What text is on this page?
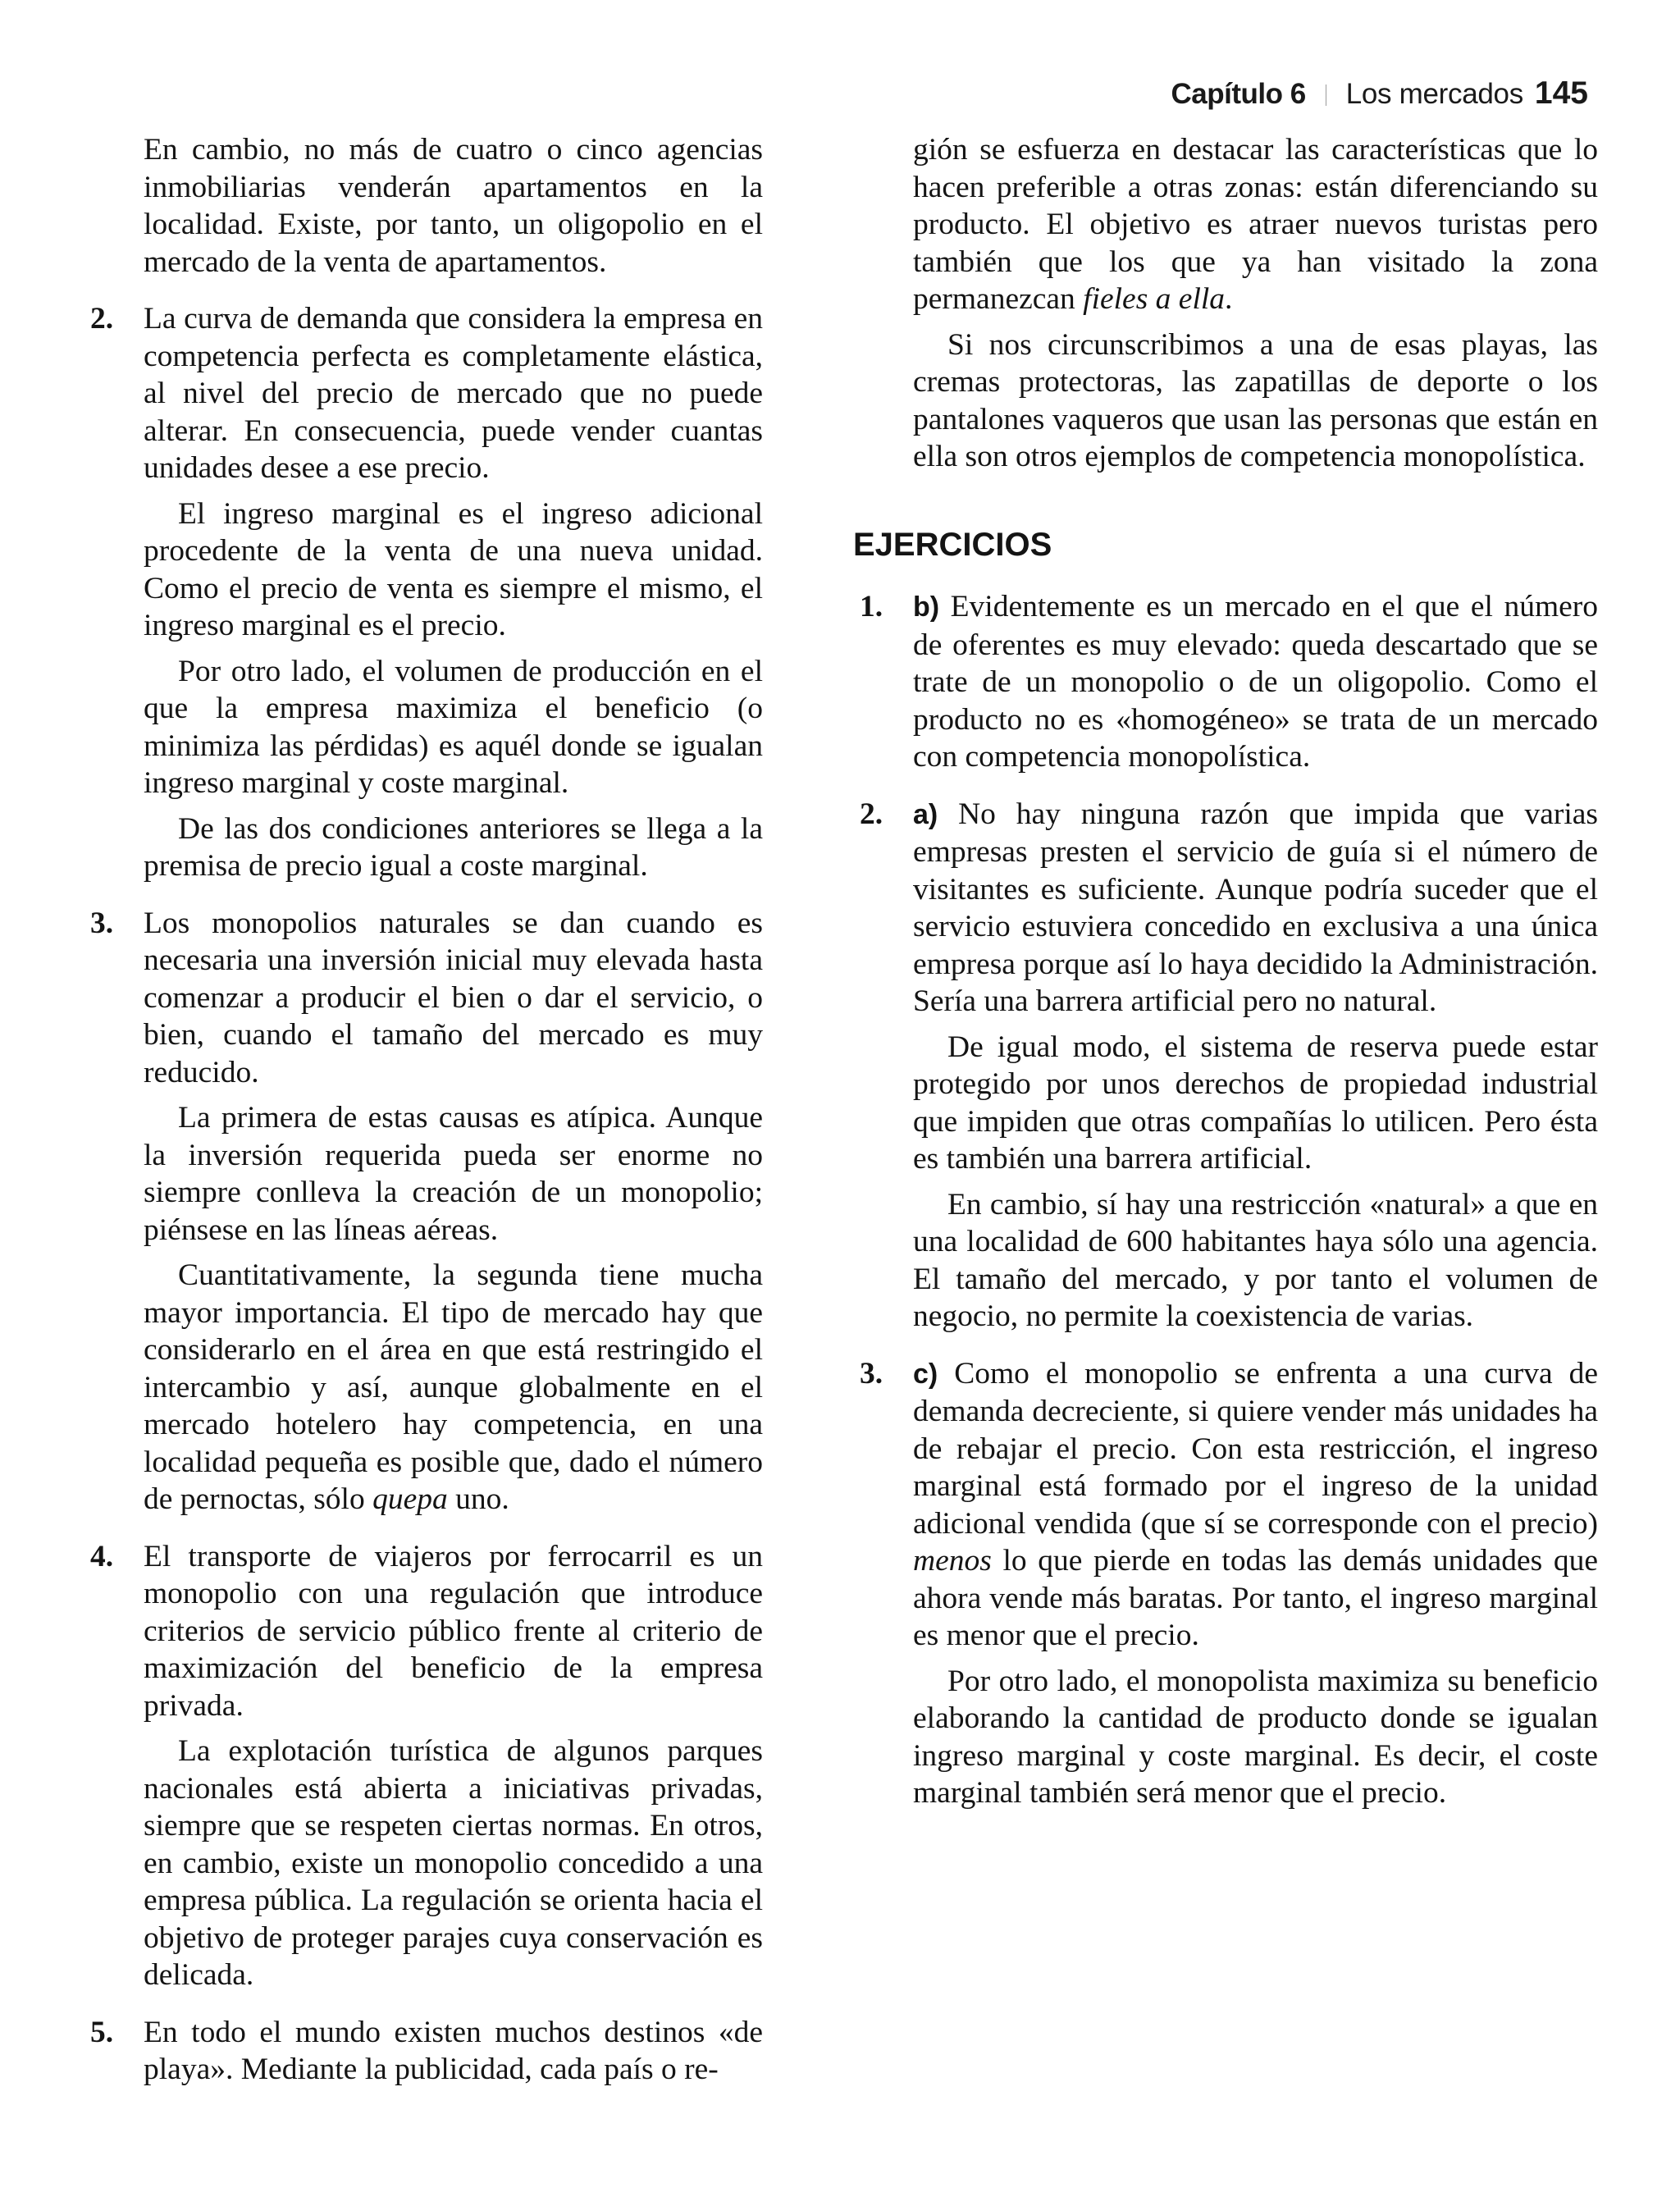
Capítulo 6 Los mercados 145

En cambio, no más de cuatro o cinco agencias inmobiliarias venderán apartamentos en la localidad. Existe, por tanto, un oligopolio en el mercado de la venta de apartamentos.

2. La curva de demanda que considera la empresa en competencia perfecta es completamente elástica, al nivel del precio de mercado que no puede alterar. En consecuencia, puede vender cuantas unidades desee a ese precio.

El ingreso marginal es el ingreso adicional procedente de la venta de una nueva unidad. Como el precio de venta es siempre el mismo, el ingreso marginal es el precio.

Por otro lado, el volumen de producción en el que la empresa maximiza el beneficio (o minimiza las pérdidas) es aquél donde se igualan ingreso marginal y coste marginal.

De las dos condiciones anteriores se llega a la premisa de precio igual a coste marginal.

3. Los monopolios naturales se dan cuando es necesaria una inversión inicial muy elevada hasta comenzar a producir el bien o dar el servicio, o bien, cuando el tamaño del mercado es muy reducido.

La primera de estas causas es atípica. Aunque la inversión requerida pueda ser enorme no siempre conlleva la creación de un monopolio; piénsese en las líneas aéreas.

Cuantitativamente, la segunda tiene mucha mayor importancia. El tipo de mercado hay que considerarlo en el área en que está restringido el intercambio y así, aunque globalmente en el mercado hotelero hay competencia, en una localidad pequeña es posible que, dado el número de pernoctas, sólo quepa uno.

4. El transporte de viajeros por ferrocarril es un monopolio con una regulación que introduce criterios de servicio público frente al criterio de maximización del beneficio de la empresa privada.

La explotación turística de algunos parques nacionales está abierta a iniciativas privadas, siempre que se respeten ciertas normas. En otros, en cambio, existe un monopolio concedido a una empresa pública. La regulación se orienta hacia el objetivo de proteger parajes cuya conservación es delicada.

5. En todo el mundo existen muchos destinos «de playa». Mediante la publicidad, cada país o re-

gión se esfuerza en destacar las características que lo hacen preferible a otras zonas: están diferenciando su producto. El objetivo es atraer nuevos turistas pero también que los que ya han visitado la zona permanezcan fieles a ella.

Si nos circunscribimos a una de esas playas, las cremas protectoras, las zapatillas de deporte o los pantalones vaqueros que usan las personas que están en ella son otros ejemplos de competencia monopolística.

EJERCICIOS
1. b) Evidentemente es un mercado en el que el número de oferentes es muy elevado: queda descartado que se trate de un monopolio o de un oligopolio. Como el producto no es «homogéneo» se trata de un mercado con competencia monopolística.

2. a) No hay ninguna razón que impida que varias empresas presten el servicio de guía si el número de visitantes es suficiente. Aunque podría suceder que el servicio estuviera concedido en exclusiva a una única empresa porque así lo haya decidido la Administración. Sería una barrera artificial pero no natural.

De igual modo, el sistema de reserva puede estar protegido por unos derechos de propiedad industrial que impiden que otras compañías lo utilicen. Pero ésta es también una barrera artificial.

En cambio, sí hay una restricción «natural» a que en una localidad de 600 habitantes haya sólo una agencia. El tamaño del mercado, y por tanto el volumen de negocio, no permite la coexistencia de varias.

3. c) Como el monopolio se enfrenta a una curva de demanda decreciente, si quiere vender más unidades ha de rebajar el precio. Con esta restricción, el ingreso marginal está formado por el ingreso de la unidad adicional vendida (que sí se corresponde con el precio) menos lo que pierde en todas las demás unidades que ahora vende más baratas. Por tanto, el ingreso marginal es menor que el precio.

Por otro lado, el monopolista maximiza su beneficio elaborando la cantidad de producto donde se igualan ingreso marginal y coste marginal. Es decir, el coste marginal también será menor que el precio.
